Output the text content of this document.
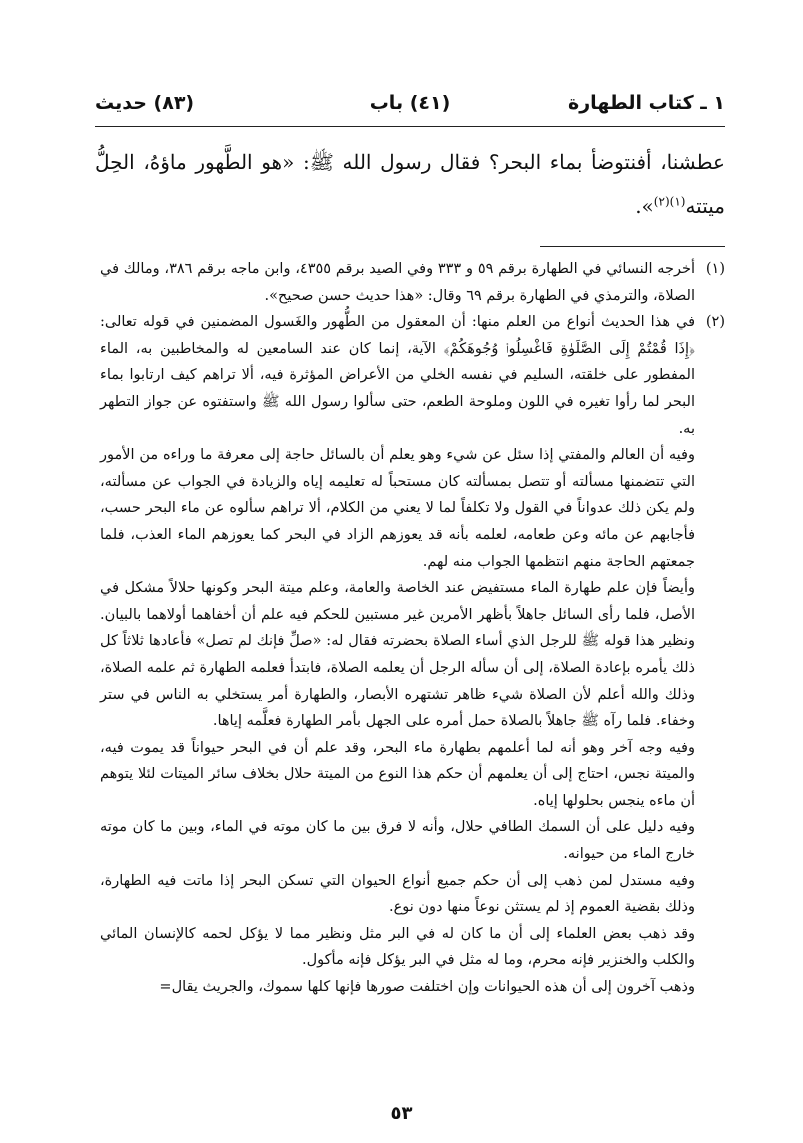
١ ـ كتاب الطهارة
(٤١) باب
(٨٣) حديث
عطشنا، أفنتوضأ بماء البحر؟ فقال رسول الله ﷺ: «هو الطَّهور ماؤهُ، الحِلُّ ميتته$^{(١)(٢)}$».
(١)

أخرجه النسائي في الطهارة برقم ٥٩ و ٣٣٣ وفي الصيد برقم ٤٣٥٥، وابن ماجه برقم ٣٨٦، ومالك في الصلاة، والترمذي في الطهارة برقم ٦٩ وقال: «هذا حديث حسن صحيح».

(٢)

في هذا الحديث أنواع من العلم منها: أن المعقول من الطُّهور والغَسول المضمنين في قوله تعالى: ﴿إِذَا قُمْتُمْ إِلَى الصَّلَوٰةِ فَاغْسِلُوا۟ وُجُوهَكُمْ﴾ الآية، إنما كان عند السامعين له والمخاطبين به، الماء المفطور على خلقته، السليم في نفسه الخلي من الأعراض المؤثرة فيه، ألا تراهم كيف ارتابوا بماء البحر لما رأوا تغيره في اللون وملوحة الطعم، حتى سألوا رسول الله ﷺ واستفتوه عن جواز التطهر به.

وفيه أن العالم والمفتي إذا سئل عن شيء وهو يعلم أن بالسائل حاجة إلى معرفة ما وراءه من الأمور التي تتضمنها مسألته أو تتصل بمسألته كان مستحباً له تعليمه إياه والزيادة في الجواب عن مسألته، ولم يكن ذلك عدواناً في القول ولا تكلفاً لما لا يعني من الكلام، ألا تراهم سألوه عن ماء البحر حسب، فأجابهم عن مائه وعن طعامه، لعلمه بأنه قد يعوزهم الزاد في البحر كما يعوزهم الماء العذب، فلما جمعتهم الحاجة منهم انتظمها الجواب منه لهم.

وأيضاً فإن علم طهارة الماء مستفيض عند الخاصة والعامة، وعلم ميتة البحر وكونها حلالاً مشكل في الأصل، فلما رأى السائل جاهلاً بأظهر الأمرين غير مستبين للحكم فيه علم أن أخفاهما أولاهما بالبيان. ونظير هذا قوله ﷺ للرجل الذي أساء الصلاة بحضرته فقال له: «صلِّ فإنك لم تصل» فأعادها ثلاثاً كل ذلك يأمره بإعادة الصلاة، إلى أن سأله الرجل أن يعلمه الصلاة، فابتدأ فعلمه الطهارة ثم علمه الصلاة، وذلك والله أعلم لأن الصلاة شيء ظاهر تشتهره الأبصار، والطهارة أمر يستخلي به الناس في ستر وخفاء. فلما رآه ﷺ جاهلاً بالصلاة حمل أمره على الجهل بأمر الطهارة فعلَّمه إياها.

وفيه وجه آخر وهو أنه لما أعلمهم بطهارة ماء البحر، وقد علم أن في البحر حيواناً قد يموت فيه، والميتة نجس، احتاج إلى أن يعلمهم أن حكم هذا النوع من الميتة حلال بخلاف سائر الميتات لئلا يتوهم أن ماءه ينجس بحلولها إياه.

وفيه دليل على أن السمك الطافي حلال، وأنه لا فرق بين ما كان موته في الماء، وبين ما كان موته خارج الماء من حيوانه.

وفيه مستدل لمن ذهب إلى أن حكم جميع أنواع الحيوان التي تسكن البحر إذا ماتت فيه الطهارة، وذلك بقضية العموم إذ لم يستثن نوعاً منها دون نوع.

وقد ذهب بعض العلماء إلى أن ما كان له في البر مثل ونظير مما لا يؤكل لحمه كالإنسان المائي والكلب والخنزير فإنه محرم، وما له مثل في البر يؤكل فإنه مأكول.

وذهب آخرون إلى أن هذه الحيوانات وإن اختلفت صورها فإنها كلها سموك، والجريث يقال=

٥٣
